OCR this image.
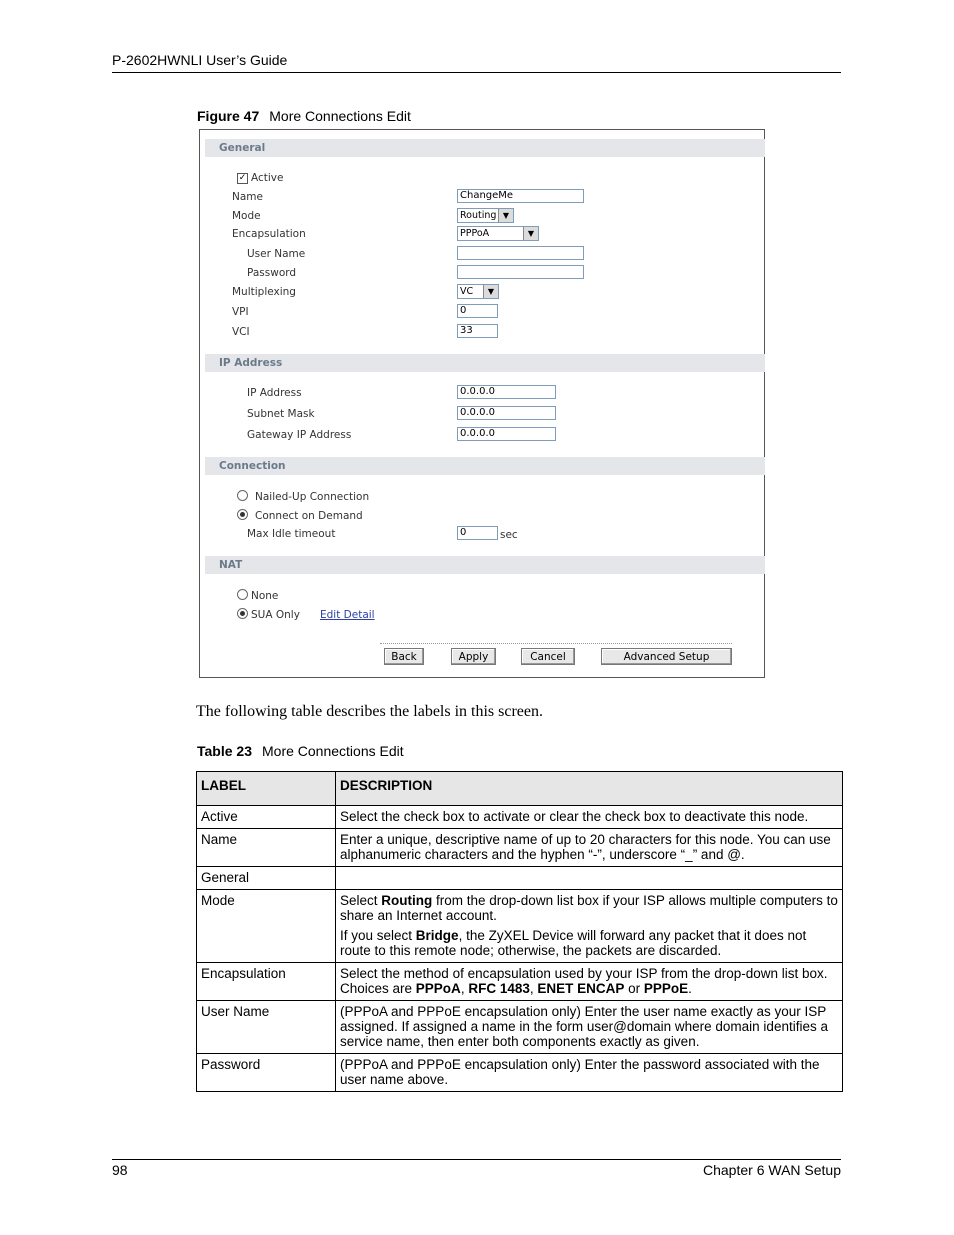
P-2602HWNLI User’s Guide
Figure 47 More Connections Edit
General
✓ Active
Name	ChangeMe
Mode	Routing ▼
Encapsulation	PPPoA	▼
User Name
Password
Multiplexing	VC	▼
VPI	0
VCI	33
IP Address
IP Address	0.0.0.0
Subnet Mask	0.0.0.0
Gateway IP Address	0.0.0.0
Connection
Nailed-Up Connection
Connect on Demand
Max Idle timeout	0	sec
NAT
None
SUA Only Edit Detail
Back	Apply	Cancel	Advanced Setup
The following table describes the labels in this screen.
Table 23 More Connections Edit
LABEL	DESCRIPTION
Active	Select the check box to activate or clear the check box to deactivate this node.
Name	Enter a unique, descriptive name of up to 20 characters for this node. You can use alphanumeric characters and the hyphen “-”, underscore “_” and @.
General	
Mode	Select Routing from the drop-down list box if your ISP allows multiple computers to share an Internet account.

If you select Bridge, the ZyXEL Device will forward any packet that it does not route to this remote node; otherwise, the packets are discarded.

Encapsulation	Select the method of encapsulation used by your ISP from the drop-down list box. Choices are PPPoA, RFC 1483, ENET ENCAP or PPPoE.
User Name	(PPPoA and PPPoE encapsulation only) Enter the user name exactly as your ISP assigned. If assigned a name in the form user@domain where domain identifies a service name, then enter both components exactly as given.
Password	(PPPoA and PPPoE encapsulation only) Enter the password associated with the user name above.
98	Chapter 6 WAN Setup
